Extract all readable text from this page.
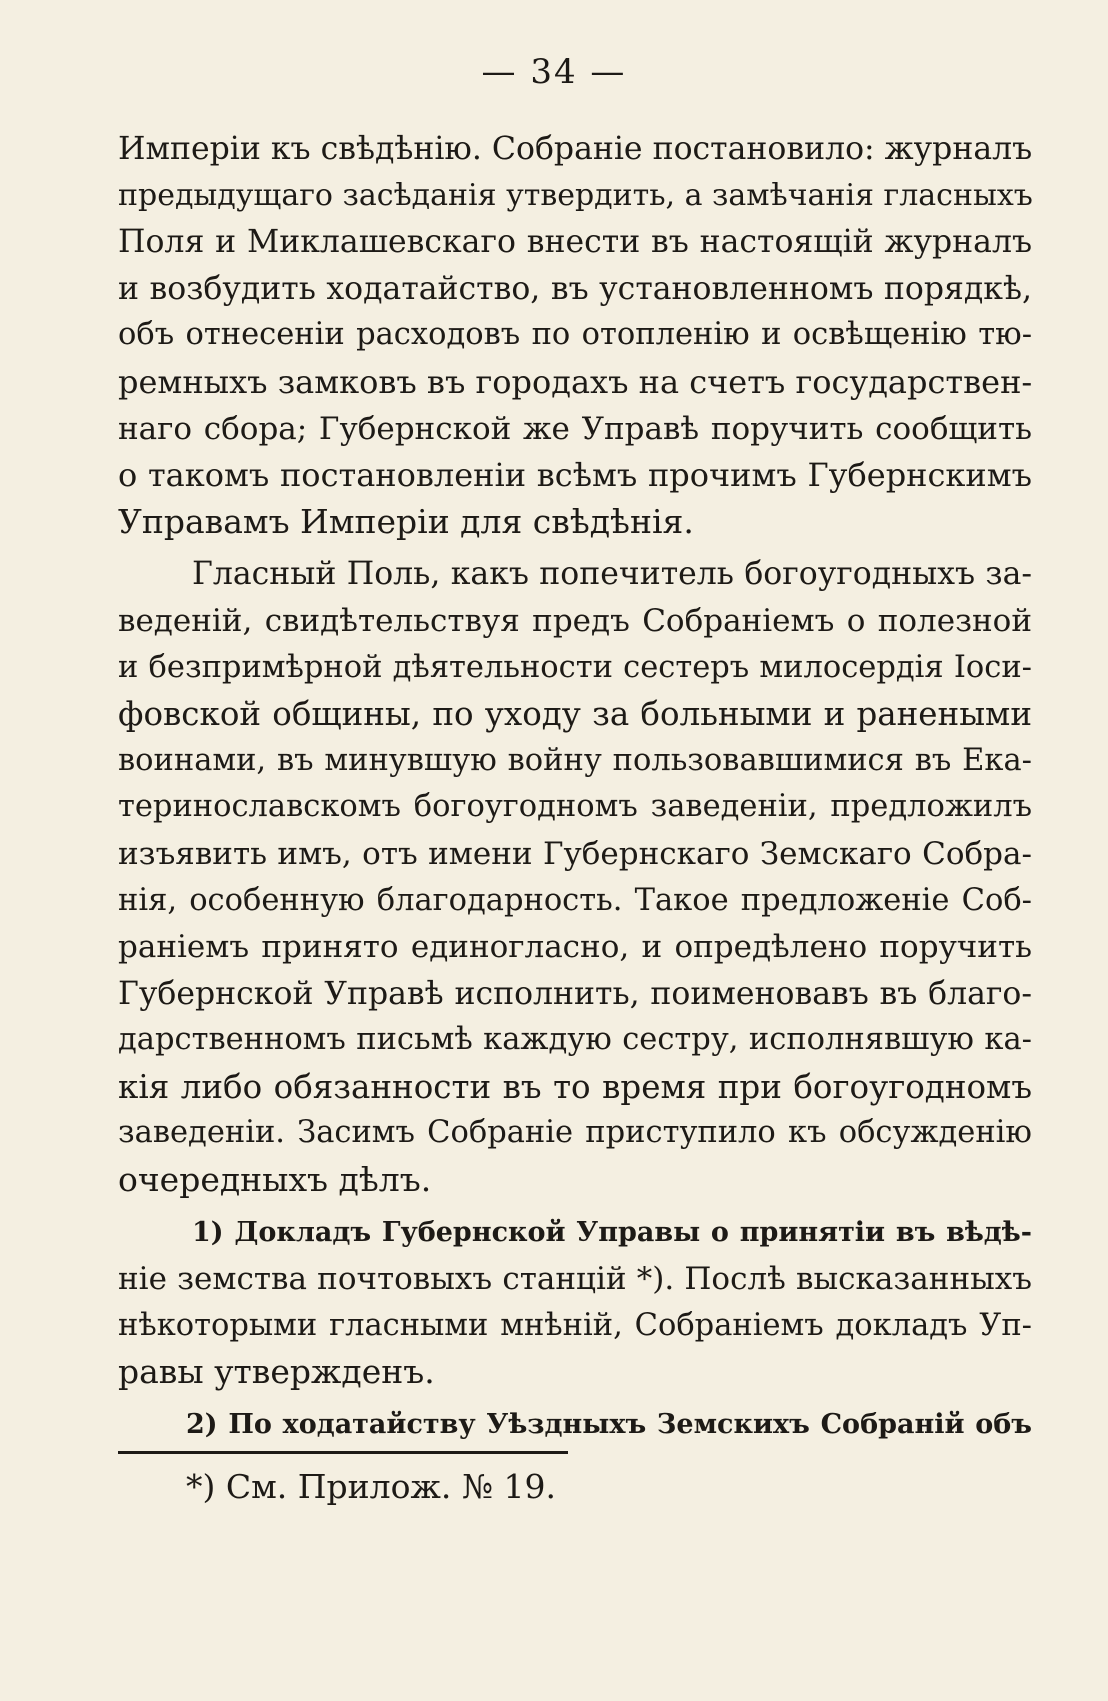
— 34 —
Имперіи къ свѣдѣнію. Собраніе постановило: журналъ
предыдущаго засѣданія утвердить, а замѣчанія гласныхъ
Поля и Миклашевскаго внести въ настоящій журналъ
и возбудить ходатайство, въ установленномъ порядкѣ,
объ отнесеніи расходовъ по отопленію и освѣщенію тю-
ремныхъ замковъ въ городахъ на счетъ государствен-
наго сбора; Губернской же Управѣ поручить сообщить
о такомъ постановленіи всѣмъ прочимъ Губернскимъ
Управамъ Имперіи для свѣдѣнія.
Гласный Поль, какъ попечитель богоугодныхъ за-
веденій, свидѣтельствуя предъ Собраніемъ о полезной
и безпримѣрной дѣятельности сестеръ милосердія Іоси-
фовской общины, по уходу за больными и ранеными
воинами, въ минувшую войну пользовавшимися въ Ека-
теринославскомъ богоугодномъ заведеніи, предложилъ
изъявить имъ, отъ имени Губернскаго Земскаго Собра-
нія, особенную благодарность. Такое предложеніе Соб-
раніемъ принято единогласно, и опредѣлено поручить
Губернской Управѣ исполнить, поименовавъ въ благо-
дарственномъ письмѣ каждую сестру, исполнявшую ка-
кія либо обязанности въ то время при богоугодномъ
заведеніи. Засимъ Собраніе приступило къ обсужденію
очередныхъ дѣлъ.
1) Докладъ Губернской Управы о принятіи въ вѣдѣ-
ніе земства почтовыхъ станцій *). Послѣ высказанныхъ
нѣкоторыми гласными мнѣній, Собраніемъ докладъ Уп-
равы утвержденъ.
2) По ходатайству Уѣздныхъ Земскихъ Собраній объ
*) См. Прилож. № 19.
